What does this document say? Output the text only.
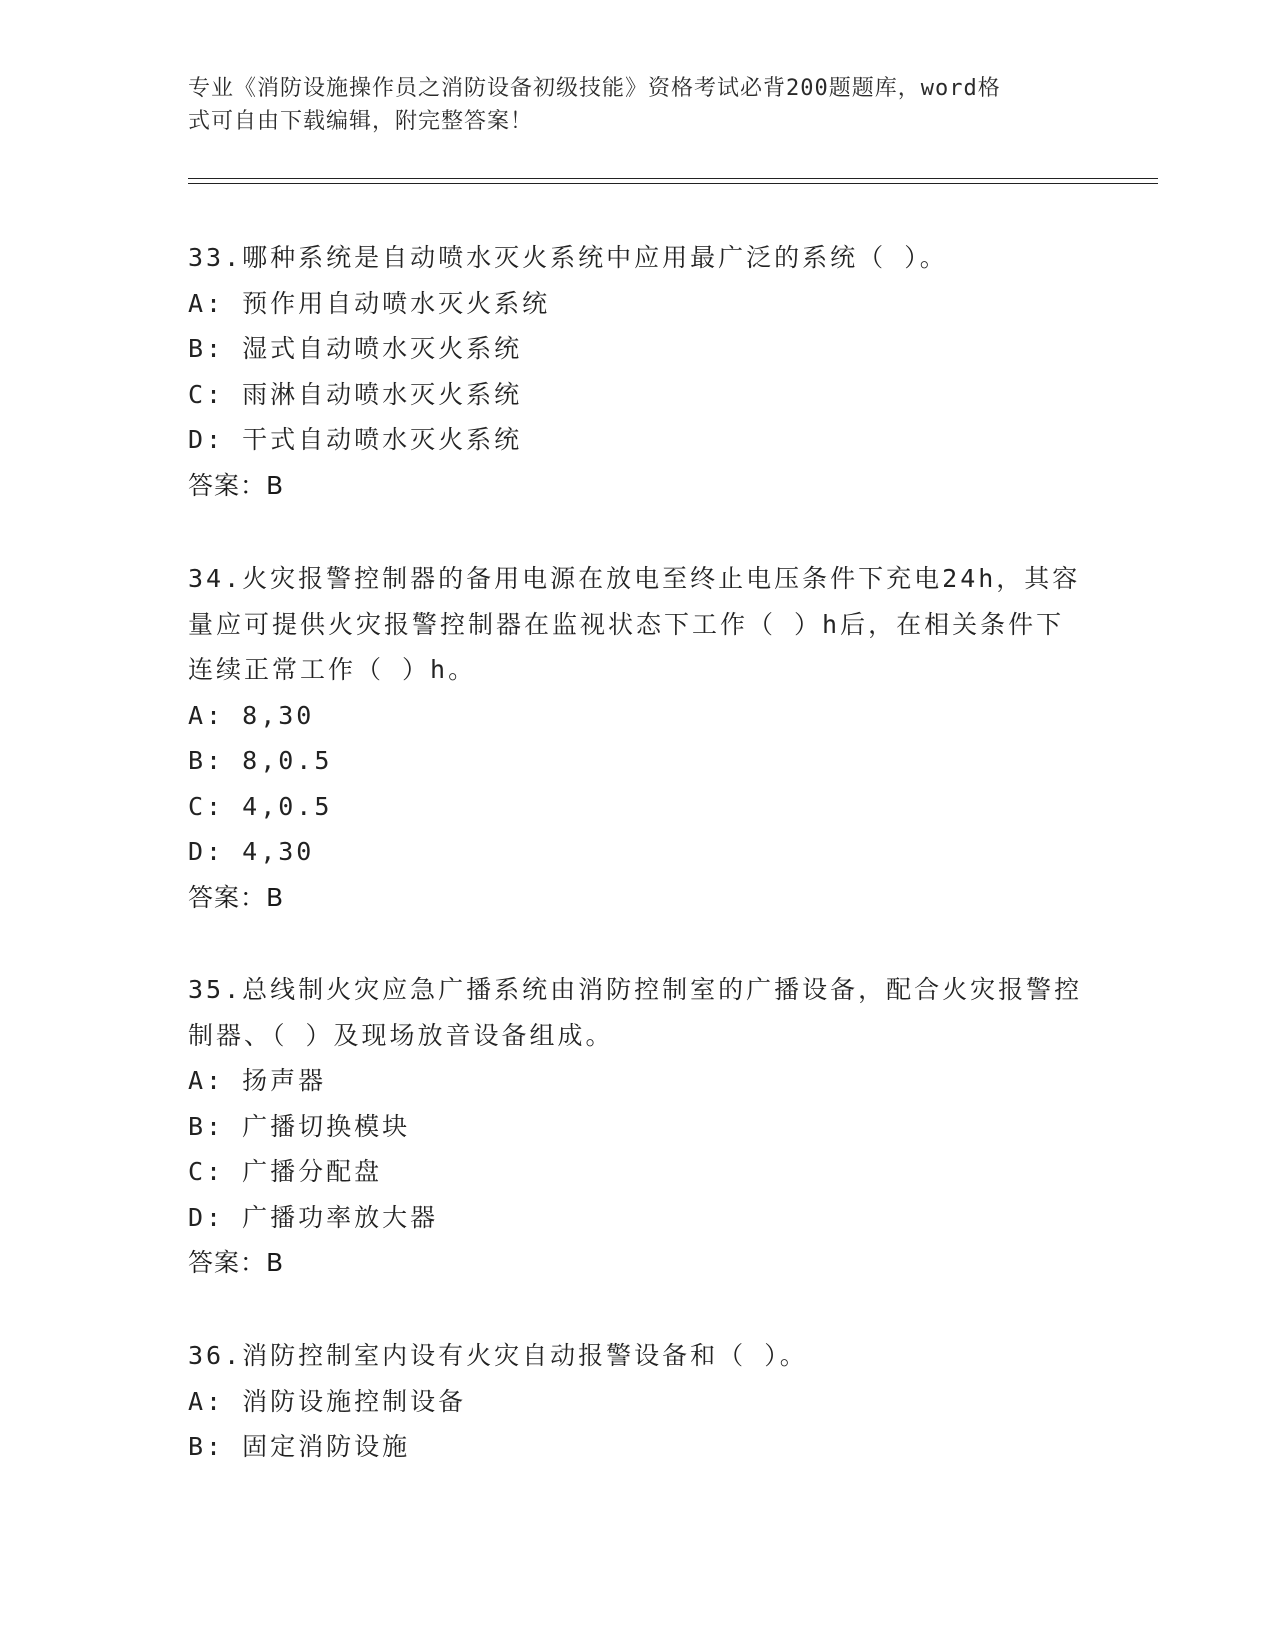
专业《消防设施操作员之消防设备初级技能》资格考试必背200题题库，word格
式可自由下载编辑，附完整答案！

33.哪种系统是自动喷水灭火系统中应用最广泛的系统（ ）。

A: 预作用自动喷水灭火系统

B: 湿式自动喷水灭火系统

C: 雨淋自动喷水灭火系统

D: 干式自动喷水灭火系统

答案：B

34.火灾报警控制器的备用电源在放电至终止电压条件下充电24h，其容量应可提供火灾报警控制器在监视状态下工作（ ）h后，在相关条件下连续正常工作（ ）h。

A: 8,30

B: 8,0.5

C: 4,0.5

D: 4,30

答案：B

35.总线制火灾应急广播系统由消防控制室的广播设备，配合火灾报警控制器、（ ）及现场放音设备组成。

A: 扬声器

B: 广播切换模块

C: 广播分配盘

D: 广播功率放大器

答案：B

36.消防控制室内设有火灾自动报警设备和（ ）。

A: 消防设施控制设备

B: 固定消防设施
